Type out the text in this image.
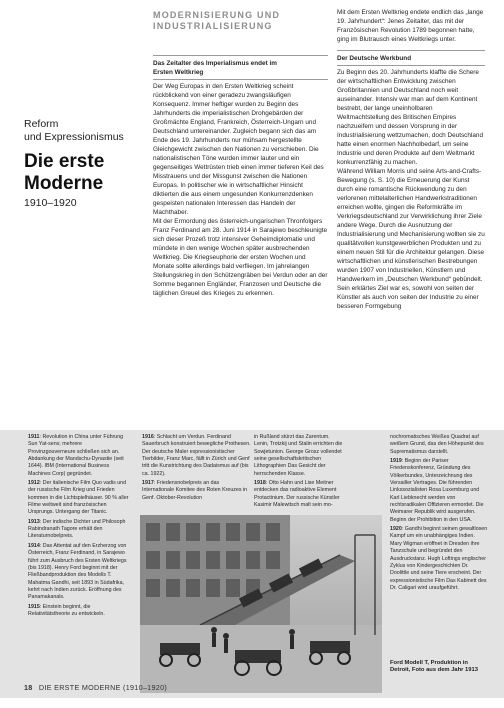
Reform
und Expressionismus
Die erste
Moderne
1910–1920
MODERNISIERUNG UND
INDUSTRIALISIERUNG

Das Zeitalter des Imperialismus endet im
Ersten Weltkrieg

Der Weg Europas in den Ersten Weltkrieg scheint rückblickend von einer geradezu zwangsläufigen Konsequenz. Immer heftiger wurden zu Beginn des Jahrhunderts die imperialistischen Drohgebärden der Großmächte England, Frankreich, Österreich-Ungarn und Deutschland untereinander. Zugleich begann sich das am Ende des 19. Jahrhunderts nur mühsam hergestellte Gleichgewicht zwischen den Nationen zu verschieben. Die nationalistischen Töne wurden immer lauter und ein gegenseitiges Wettrüsten trieb einen immer tieferen Keil des Misstrauens und der Missgunst zwischen die Nationen Europas. In politischer wie in wirtschaftlicher Hinsicht diktierten die aus einem ungesunden Konkurrenzdenken gespeisten nationalen Interessen das Handeln der Machthaber.

Mit der Ermordung des österreich-ungarischen Thronfolgers Franz Ferdinand am 28. Juni 1914 in Sarajewo beschleunigte sich dieser Prozeß trotz intensiver Geheimdiplomatie und mündete in den wenige Wochen später ausbrechenden Weltkrieg. Die Kriegseuphorie der ersten Wochen und Monate sollte allerdings bald verfliegen. Im jahrelangen Stellungskrieg in den Schützengräben bei Verdun oder an der Somme begannen Engländer, Franzosen und Deutsche die täglichen Greuel des Krieges zu erkennen.

Mit dem Ersten Weltkrieg endete endlich das „lange 19. Jahrhundert“: Jenes Zeitalter, das mit der Französischen Revolution 1789 begonnen hatte, ging im Blutrausch eines Weltkriegs unter.

Der Deutsche Werkbund

Zu Beginn des 20. Jahrhunderts klaffte die Schere der wirtschaftlichen Entwicklung zwischen Großbritannien und Deutschland noch weit auseinander. Intensiv war man auf dem Kontinent bestrebt, der lange uneinholbaren Weltmachtstellung des Britischen Empires nachzueifern und dessen Vorsprung in der Industrialisierung wettzumachen, doch Deutschland hatte einen enormen Nachholbedarf, um seine Industrie und deren Produkte auf dem Weltmarkt konkurrenzfähig zu machen.

Während William Morris und seine Arts-and-Crafts-Bewegung (s. S. 10) die Erneuerung der Kunst durch eine romantische Rückwendung zu den verlorenen mittelalterlichen Handwerkstraditionen erreichen wollte, gingen die Reformkräfte im Verkriegsdeutschland zur Verwirklichung ihrer Ziele andere Wege. Durch die Ausnutzung der Industrialisierung und Mechanisierung wollten sie zu qualitätvollen kunstgewerblichen Produkten und zu einem neuen Stil für die Architektur gelangen. Diese wirtschaftlichen und künstlerischen Bestrebungen wurden 1907 von Industriellen, Künstlern und Handwerkern im „Deutschen Werkbund“ gebündelt. Sein erklärtes Ziel war es, sowohl von seiten der Künstler als auch von seiten der Industrie zu einer besseren Formgebung

1911: Revolution in China unter Führung Sun Yat-sens; mehrere Provinzgouverneure schließen sich an. Abdankung der Mandschu-Dynastie (seit 1644). IBM (International Business Machines Corp) gegründet.

1912: Der italienische Film Quo vadis und der russische Film Krieg und Frieden kommen in die Lichtspielhäuser. 90 % aller Filme weltweit sind französischen Ursprungs. Untergang der Titanic.

1913: Der indische Dichter und Philosoph Rabindranath Tagore erhält den Literaturnobelpreis.

1914: Das Attentat auf den Erzherzog von Österreich, Franz Ferdinand, in Sarajewo führt zum Ausbruch des Ersten Weltkriegs (bis 1918). Henry Ford beginnt mit der Fließbandproduktion des Modells T. Mahatma Gandhi, seit 1893 in Südafrika, kehrt nach Indien zurück. Eröffnung des Panamakanals.

1915: Einstein beginnt, die Relativitätstheorie zu entwickeln.

1916: Schlacht um Verdun. Ferdinand Sauerbruch konstruiert bewegliche Prothesen. Der deutsche Maler expressionistischer Tierbilder, Franz Marc, fällt in Zürich und Genf tritt die Kunstrichtung des Dadaismus auf (bis ca. 1922).

1917: Friedensnobelpreis an das Internationale Komitee des Roten Kreuzes in Genf. Oktober-Revolution

in Rußland stürzt das Zarentum. Lenin, Trotzkij und Stalin errichten die Sowjetunion. George Grosz vollendet seine gesellschaftskritischen Lithographien Das Gesicht der herrschenden Klasse.

1918: Otto Hahn und Lise Meitner entdecken das radioaktive Element Protactinium. Der russische Künstler Kasimir Malewitsch malt sein mo-

nochromatisches Weißes Quadrat auf weißem Grund, das den Höhepunkt des Suprematismus darstellt.

1919: Beginn der Pariser Friedenskonferenz, Gründung des Völkerbundes, Unterzeichnung des Versailler Vertrages. Die führenden Linkssozialisten Rosa Luxemburg und Karl Liebknecht werden von rechtsradikalen Offizieren ermordet. Die Weimarer Republik wird ausgerufen. Beginn der Prohibition in den USA.

1920: Gandhi beginnt seinen gewaltlosen Kampf um ein unabhängiges Indien. Mary Wigman eröffnet in Dresden ihre Tanzschule und begründet den Ausdruckstanz. Hugh Loftings englischer Zyklus von Kindergeschichten Dr. Doolittle und seine Tiere erscheint. Der expressionistische Film Das Kabinett des Dr. Caligari wird uraufgeführt.

Ford Modell T, Produktion in Detroit, Foto aus dem Jahr 1913
18 DIE ERSTE MODERNE (1910–1920)
